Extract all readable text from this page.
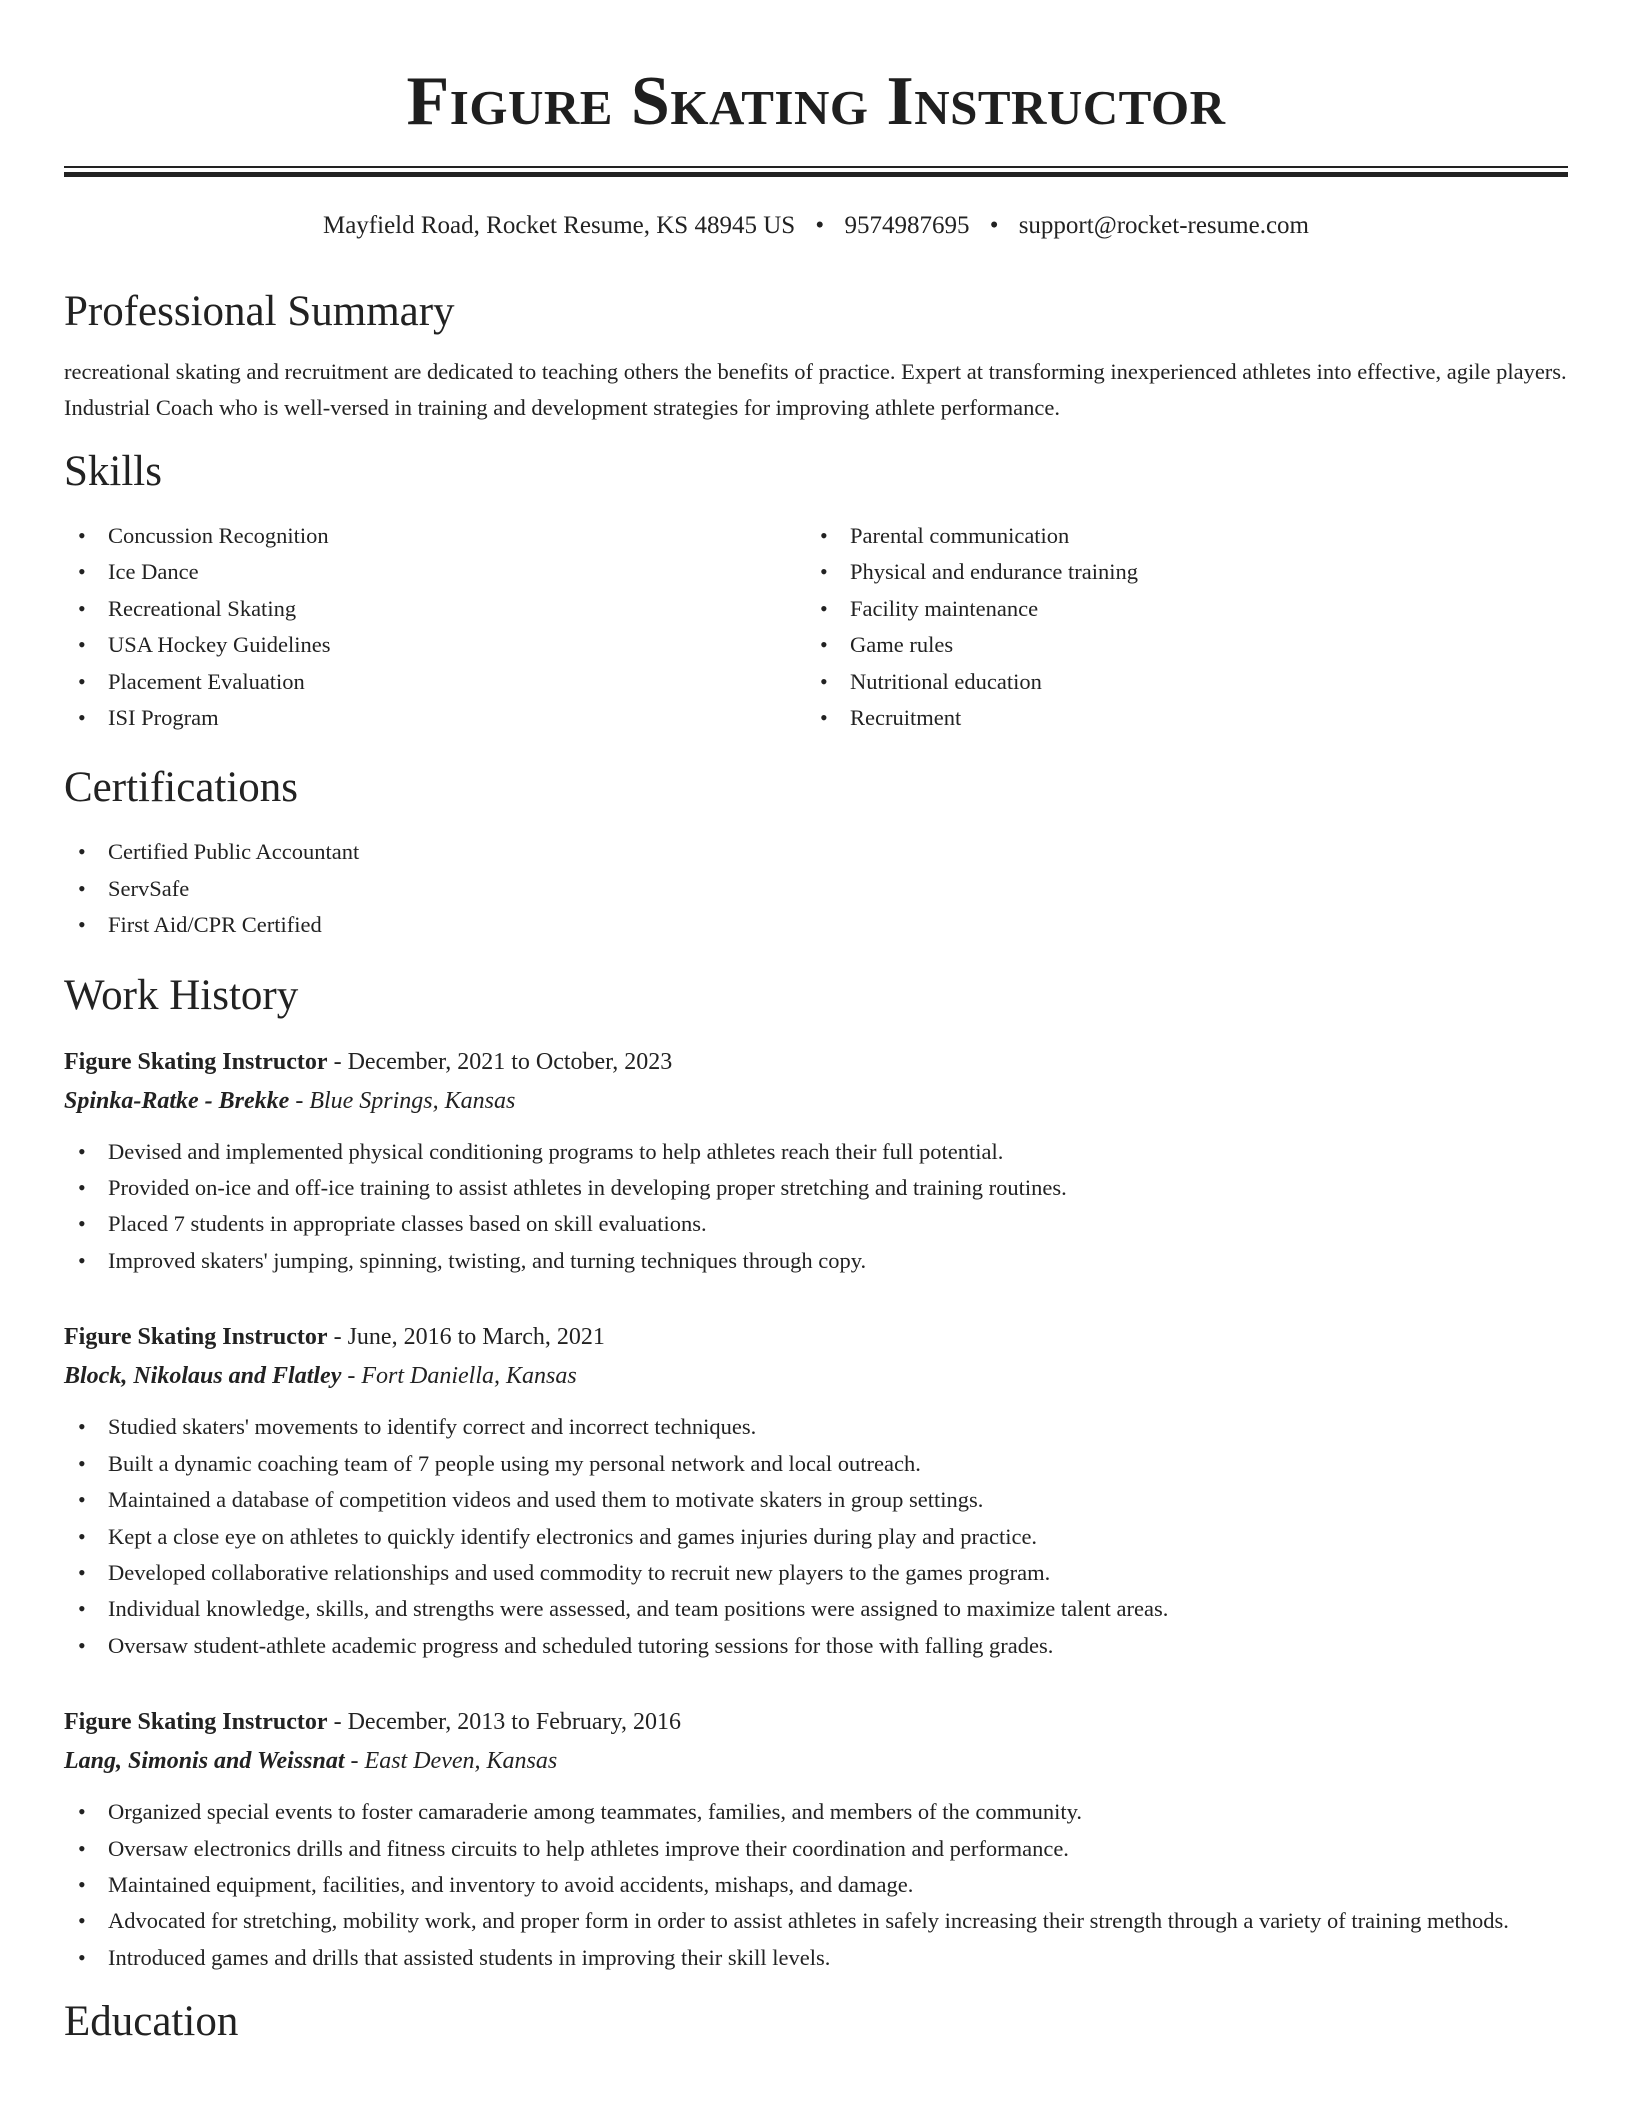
Figure Skating Instructor
Mayfield Road, Rocket Resume, KS 48945 US • 9574987695 • support@rocket-resume.com
Professional Summary

recreational skating and recruitment are dedicated to teaching others the benefits of practice. Expert at transforming inexperienced athletes into effective, agile players. Industrial Coach who is well-versed in training and development strategies for improving athlete performance.

Skills
• Concussion Recognition
• Ice Dance
• Recreational Skating
• USA Hockey Guidelines
• Placement Evaluation
• ISI Program
• Parental communication
• Physical and endurance training
• Facility maintenance
• Game rules
• Nutritional education
• Recruitment
Certifications
• Certified Public Accountant
• ServSafe
• First Aid/CPR Certified
Work History
Figure Skating Instructor - December, 2021 to October, 2023
Spinka-Ratke - Brekke - Blue Springs, Kansas
• Devised and implemented physical conditioning programs to help athletes reach their full potential.
• Provided on-ice and off-ice training to assist athletes in developing proper stretching and training routines.
• Placed 7 students in appropriate classes based on skill evaluations.
• Improved skaters' jumping, spinning, twisting, and turning techniques through copy.
Figure Skating Instructor - June, 2016 to March, 2021
Block, Nikolaus and Flatley - Fort Daniella, Kansas
• Studied skaters' movements to identify correct and incorrect techniques.
• Built a dynamic coaching team of 7 people using my personal network and local outreach.
• Maintained a database of competition videos and used them to motivate skaters in group settings.
• Kept a close eye on athletes to quickly identify electronics and games injuries during play and practice.
• Developed collaborative relationships and used commodity to recruit new players to the games program.
• Individual knowledge, skills, and strengths were assessed, and team positions were assigned to maximize talent areas.
• Oversaw student-athlete academic progress and scheduled tutoring sessions for those with falling grades.
Figure Skating Instructor - December, 2013 to February, 2016
Lang, Simonis and Weissnat - East Deven, Kansas
• Organized special events to foster camaraderie among teammates, families, and members of the community.
• Oversaw electronics drills and fitness circuits to help athletes improve their coordination and performance.
• Maintained equipment, facilities, and inventory to avoid accidents, mishaps, and damage.
• Advocated for stretching, mobility work, and proper form in order to assist athletes in safely increasing their strength through a variety of training methods.
• Introduced games and drills that assisted students in improving their skill levels.
Education
